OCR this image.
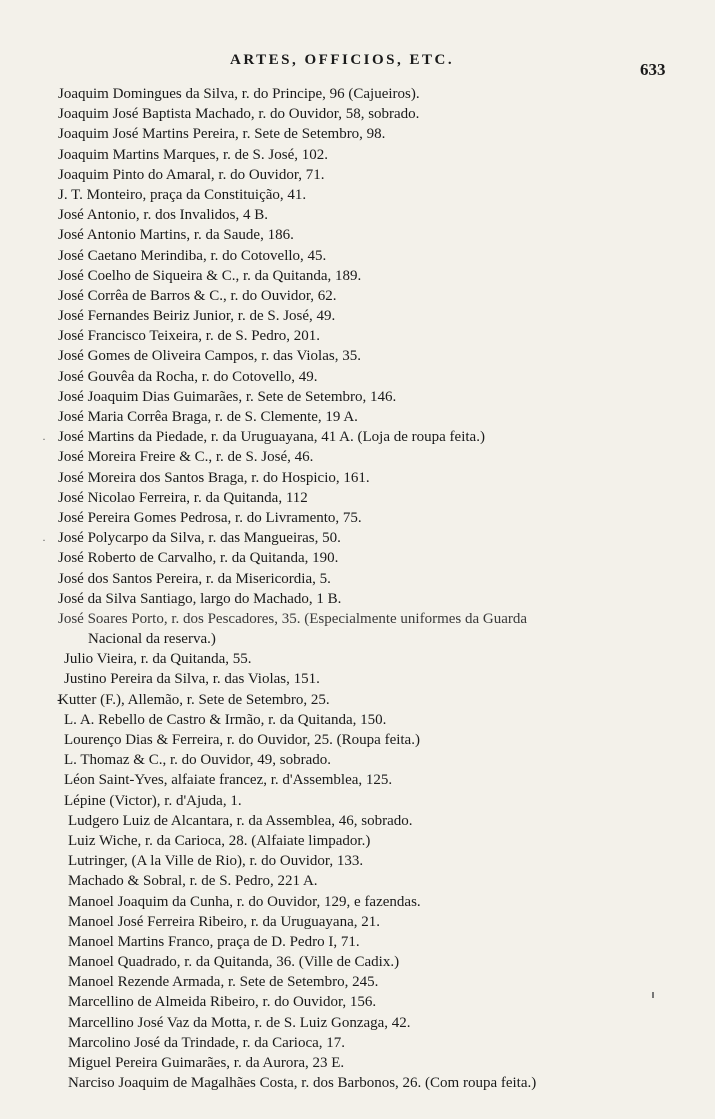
ARTES, OFFICIOS, ETC.	633
Joaquim Domingues da Silva, r. do Principe, 96 (Cajueiros).
Joaquim José Baptista Machado, r. do Ouvidor, 58, sobrado.
Joaquim José Martins Pereira, r. Sete de Setembro, 98.
Joaquim Martins Marques, r. de S. José, 102.
Joaquim Pinto do Amaral, r. do Ouvidor, 71.
J. T. Monteiro, praça da Constituição, 41.
José Antonio, r. dos Invalidos, 4 B.
José Antonio Martins, r. da Saude, 186.
José Caetano Merindiba, r. do Cotovello, 45.
José Coelho de Siqueira & C., r. da Quitanda, 189.
José Corrêa de Barros & C., r. do Ouvidor, 62.
José Fernandes Beiriz Junior, r. de S. José, 49.
José Francisco Teixeira, r. de S. Pedro, 201.
José Gomes de Oliveira Campos, r. das Violas, 35.
José Gouvêa da Rocha, r. do Cotovello, 49.
José Joaquim Dias Guimarães, r. Sete de Setembro, 146.
José Maria Corrêa Braga, r. de S. Clemente, 19 A.
José Martins da Piedade, r. da Uruguayana, 41 A. (Loja de roupa feita.)
José Moreira Freire & C., r. de S. José, 46.
José Moreira dos Santos Braga, r. do Hospicio, 161.
José Nicolao Ferreira, r. da Quitanda, 112
José Pereira Gomes Pedrosa, r. do Livramento, 75.
José Polycarpo da Silva, r. das Mangueiras, 50.
José Roberto de Carvalho, r. da Quitanda, 190.
José dos Santos Pereira, r. da Misericordia, 5.
José da Silva Santiago, largo do Machado, 1 B.
José Soares Porto, r. dos Pescadores, 35. (Especialmente uniformes da Guarda
Nacional da reserva.)
Julio Vieira, r. da Quitanda, 55.
Justino Pereira da Silva, r. das Violas, 151.
- Kutter (F.), Allemão, r. Sete de Setembro, 25.
L. A. Rebello de Castro & Irmão, r. da Quitanda, 150.
Lourenço Dias & Ferreira, r. do Ouvidor, 25. (Roupa feita.)
L. Thomaz & C., r. do Ouvidor, 49, sobrado.
Léon Saint-Yves, alfaiate francez, r. d'Assemblea, 125.
Lépine (Victor), r. d'Ajuda, 1.
Ludgero Luiz de Alcantara, r. da Assemblea, 46, sobrado.
Luiz Wiche, r. da Carioca, 28. (Alfaiate limpador.)
Lutringer, (A la Ville de Rio), r. do Ouvidor, 133.
Machado & Sobral, r. de S. Pedro, 221 A.
Manoel Joaquim da Cunha, r. do Ouvidor, 129, e fazendas.
Manoel José Ferreira Ribeiro, r. da Uruguayana, 21.
Manoel Martins Franco, praça de D. Pedro I, 71.
Manoel Quadrado, r. da Quitanda, 36. (Ville de Cadix.)
Manoel Rezende Armada, r. Sete de Setembro, 245.
Marcellino de Almeida Ribeiro, r. do Ouvidor, 156.
Marcellino José Vaz da Motta, r. de S. Luiz Gonzaga, 42.
Marcolino José da Trindade, r. da Carioca, 17.
Miguel Pereira Guimarães, r. da Aurora, 23 E.
Narciso Joaquim de Magalhães Costa, r. dos Barbonos, 26. (Com roupa feita.)
·
·
